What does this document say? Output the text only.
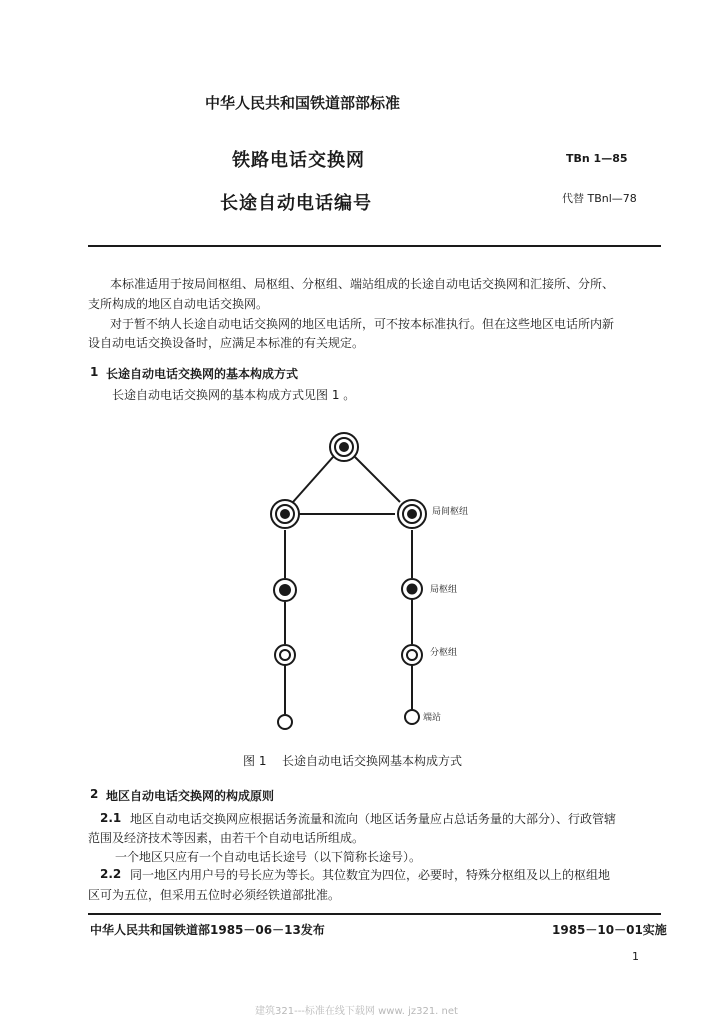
中华人民共和国铁道部部标准
铁路电话交换网	TBn 1—85
长途自动电话编号	代替 TBnl—78
本标准适用于按局间枢组、局枢组、分枢组、端站组成的长途自动电话交换网和汇接所、分所、
支所构成的地区自动电话交换网。
对于暂不纳人长途自动电话交换网的地区电话所，可不按本标准执行。但在这些地区电话所内新
设自动电话交换设备时，应满足本标准的有关规定。
1 长途自动电话交换网的基本构成方式
长途自动电话交换网的基本构成方式见图 1 。
局间枢纽
局枢组
分枢组
端站
图 1 长途自动电话交换网基本构成方式
2 地区自动电话交换网的构成原则
2.1 地区自动电话交换网应根据话务流量和流向（地区话务量应占总话务量的大部分）、行政管辖
范围及经济技术等因素，由若干个自动电话所组成。
一个地区只应有一个自动电话长途号（以下简称长途号）。
2.2 同一地区内用户号的号长应为等长。其位数宜为四位，必要时，特殊分枢组及以上的枢组地
区可为五位，但采用五位时必须经铁道部批准。
中华人民共和国铁道部1985－06－13发布	1985－10－01实施
1
建筑321---标准在线下载网 www. jz321. net
